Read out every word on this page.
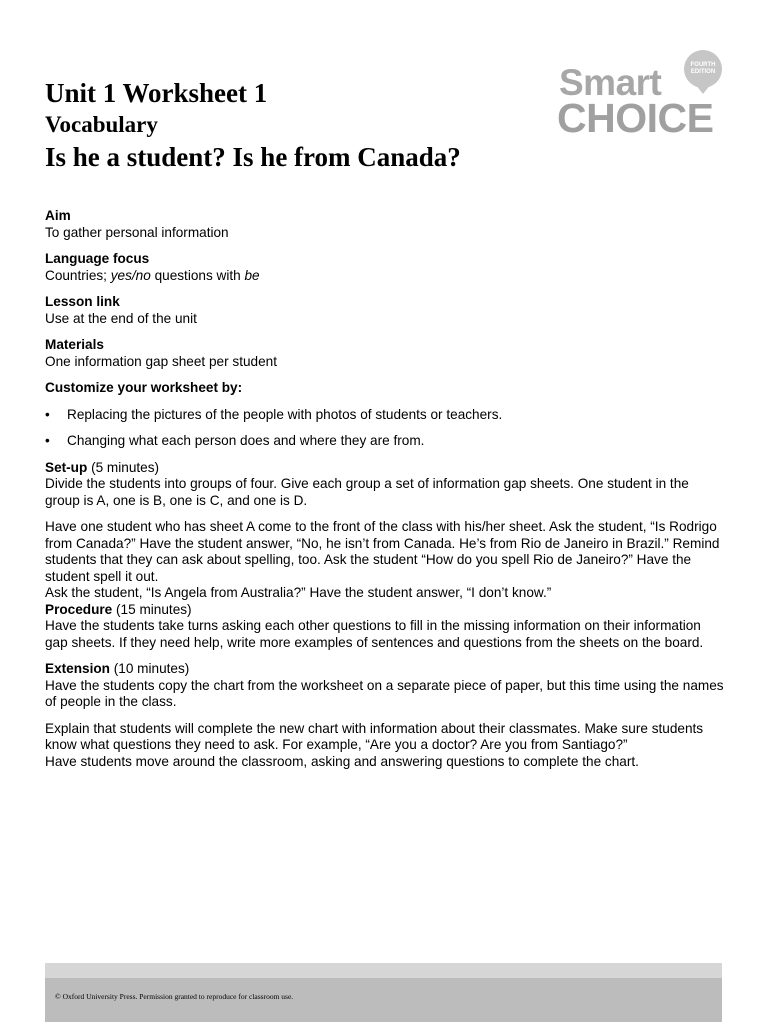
Smart
CHOICE
FOURTH
EDITION
Unit 1 Worksheet 1
Vocabulary
Is he a student? Is he from Canada?

Aim

To gather personal information

Language focus

Countries; yes/no questions with be

Lesson link

Use at the end of the unit

Materials

One information gap sheet per student

Customize your worksheet by:

•	Replacing the pictures of the people with photos of students or teachers.
•	Changing what each person does and where they are from.

Set-up (5 minutes)

Divide the students into groups of four. Give each group a set of information gap sheets. One student in the group is A, one is B, one is C, and one is D.

Have one student who has sheet A come to the front of the class with his/her sheet. Ask the student, “Is Rodrigo from Canada?” Have the student answer, “No, he isn’t from Canada. He’s from Rio de Janeiro in Brazil.” Remind students that they can ask about spelling, too. Ask the student “How do you spell Rio de Janeiro?” Have the student spell it out.

Ask the student, “Is Angela from Australia?” Have the student answer, “I don’t know.”

Procedure (15 minutes)

Have the students take turns asking each other questions to fill in the missing information on their information gap sheets. If they need help, write more examples of sentences and questions from the sheets on the board.

Extension (10 minutes)

Have the students copy the chart from the worksheet on a separate piece of paper, but this time using the names of people in the class.

Explain that students will complete the new chart with information about their classmates. Make sure students know what questions they need to ask. For example, “Are you a doctor? Are you from Santiago?”

Have students move around the classroom, asking and answering questions to complete the chart.

© Oxford University Press. Permission granted to reproduce for classroom use.
